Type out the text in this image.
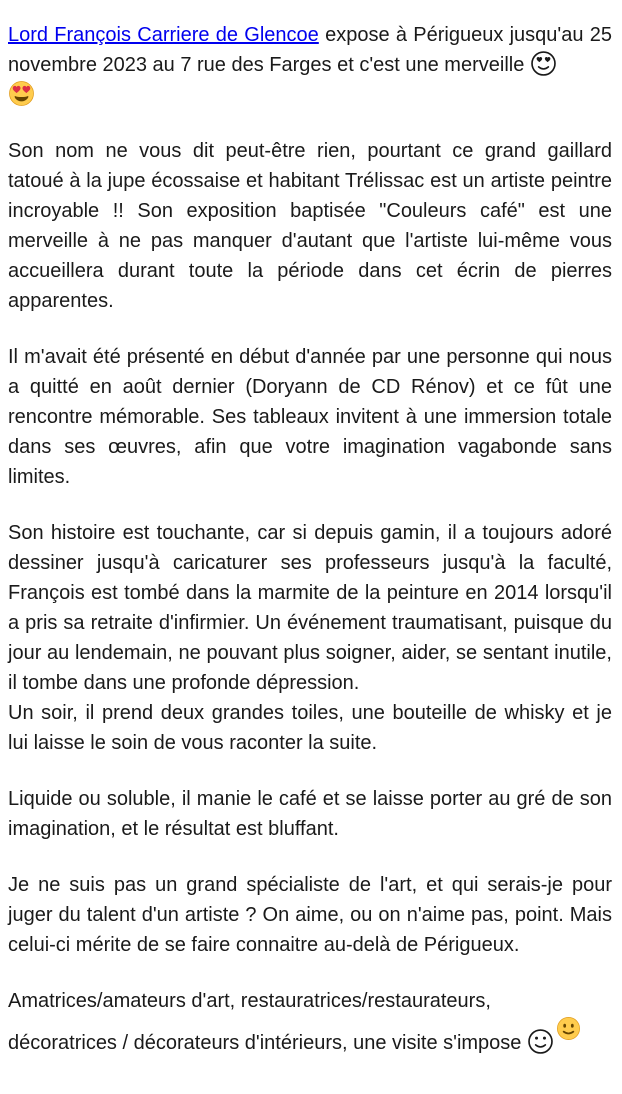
Lord François Carriere de Glencoe expose à Périgueux jusqu'au 25 novembre 2023 au 7 rue des Farges et c'est une merveille

Son nom ne vous dit peut-être rien, pourtant ce grand gaillard tatoué à la jupe écossaise et habitant Trélissac est un artiste peintre incroyable !! Son exposition baptisée "Couleurs café" est une merveille à ne pas manquer d'autant que l'artiste lui-même vous accueillera durant toute la période dans cet écrin de pierres apparentes.

Il m'avait été présenté en début d'année par une personne qui nous a quitté en août dernier (Doryann de CD Rénov) et ce fût une rencontre mémorable. Ses tableaux invitent à une immersion totale dans ses œuvres, afin que votre imagination vagabonde sans limites.

Son histoire est touchante, car si depuis gamin, il a toujours adoré dessiner jusqu'à caricaturer ses professeurs jusqu'à la faculté, François est tombé dans la marmite de la peinture en 2014 lorsqu'il a pris sa retraite d'infirmier. Un événement traumatisant, puisque du jour au lendemain, ne pouvant plus soigner, aider, se sentant inutile, il tombe dans une profonde dépression.

Un soir, il prend deux grandes toiles, une bouteille de whisky et je lui laisse le soin de vous raconter la suite.

Liquide ou soluble, il manie le café et se laisse porter au gré de son imagination, et le résultat est bluffant.

Je ne suis pas un grand spécialiste de l'art, et qui serais-je pour juger du talent d'un artiste ? On aime, ou on n'aime pas, point. Mais celui-ci mérite de se faire connaitre au-delà de Périgueux.

Amatrices/amateurs d'art, restauratrices/restaurateurs,
décoratrices / décorateurs d'intérieurs, une visite s'impose
